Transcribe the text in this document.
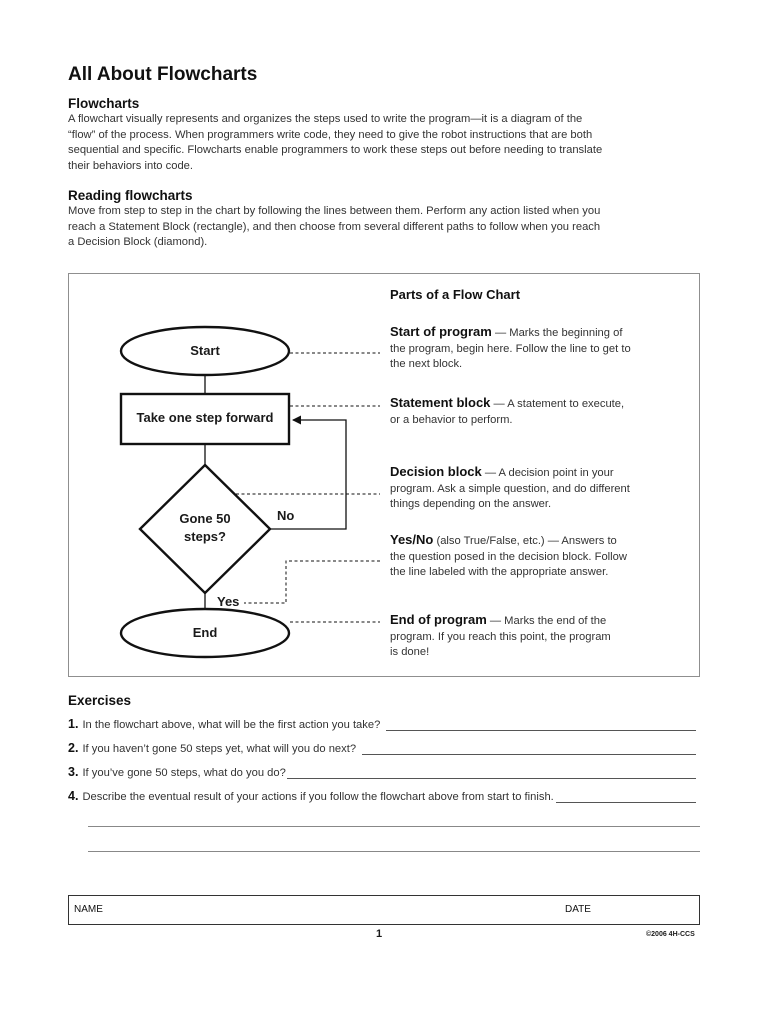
All About Flowcharts
Flowcharts
A flowchart visually represents and organizes the steps used to write the program—it is a diagram of the
“flow” of the process. When programmers write code, they need to give the robot instructions that are both
sequential and specific. Flowcharts enable programmers to work these steps out before needing to translate
their behaviors into code.
Reading flowcharts
Move from step to step in the chart by following the lines between them. Perform any action listed when you
reach a Statement Block (rectangle), and then choose from several different paths to follow when you reach
a Decision Block (diamond).
Start
Take one step forward
Gone 50
steps?
End
No
Yes
Parts of a Flow Chart
Start of program — Marks the beginning of
the program, begin here. Follow the line to get to
the next block.
Statement block — A statement to execute,
or a behavior to perform.
Decision block — A decision point in your
program. Ask a simple question, and do different
things depending on the answer.
Yes/No (also True/False, etc.) — Answers to
the question posed in the decision block. Follow
the line labeled with the appropriate answer.
End of program — Marks the end of the
program. If you reach this point, the program
is done!
Exercises
1. In the flowchart above, what will be the first action you take?
2. If you haven’t gone 50 steps yet, what will you do next?
3. If you’ve gone 50 steps, what do you do?
4. Describe the eventual result of your actions if you follow the flowchart above from start to finish.
NAME	DATE
1	©2006 4H-CCS
